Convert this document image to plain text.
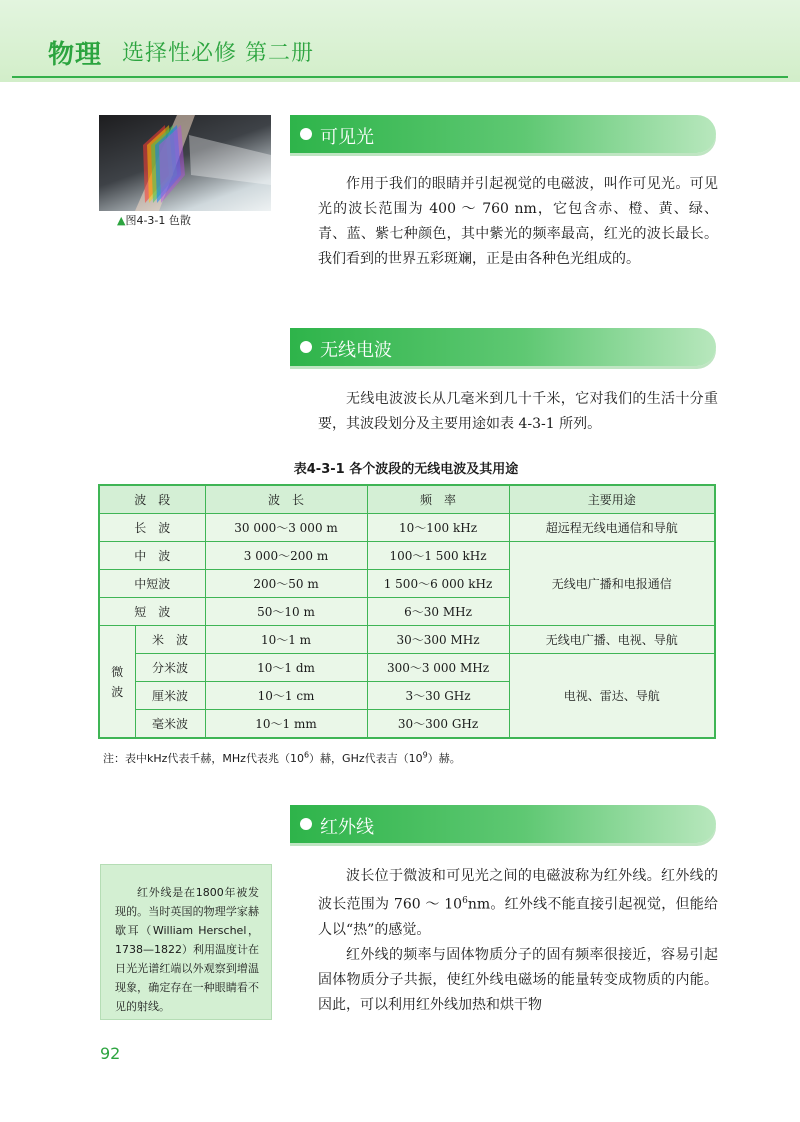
物理 选择性必修 第二册
▲图4-3-1 色散
可见光

作用于我们的眼睛并引起视觉的电磁波，叫作可见光。可见光的波长范围为 400 ～ 760 nm，它包含赤、橙、黄、绿、青、蓝、紫七种颜色，其中紫光的频率最高，红光的波长最长。我们看到的世界五彩斑斓，正是由各种色光组成的。

无线电波

无线电波波长从几毫米到几十千米，它对我们的生活十分重要，其波段划分及主要用途如表 4-3-1 所列。

表4-3-1 各个波段的无线电波及其用途
波　段		波　长	频　率	主要用途
长　波		30 000～3 000 m	10～100 kHz	超远程无线电通信和导航
中　波		3 000～200 m	100～1 500 kHz	无线电广播和电报通信
中短波		200～50 m	1 500～6 000 kHz	
短　波		50～10 m	6～30 MHz	
微波	米　波	10～1 m	30～300 MHz	无线电广播、电视、导航
	分米波	10～1 dm	300～3 000 MHz	电视、雷达、导航
	厘米波	10～1 cm	3～30 GHz	
	毫米波	10～1 mm	30～300 GHz	
注：表中kHz代表千赫，MHz代表兆$(10^6)$赫，GHz代表吉$(10^9)$赫。
红外线

波长位于微波和可见光之间的电磁波称为红外线。红外线的波长范围为 760 ～ $10^6nm$。红外线不能直接引起视觉，但能给人以“热”的感觉。

红外线的频率与固体物质分子的固有频率很接近，容易引起固体物质分子共振，使红外线电磁场的能量转变成物质的内能。因此，可以利用红外线加热和烘干物

红外线是在1800年被发现的。当时英国的物理学家赫歇耳（William Herschel，1738—1822）利用温度计在日光光谱红端以外观察到增温现象，确定存在一种眼睛看不见的射线。

92
